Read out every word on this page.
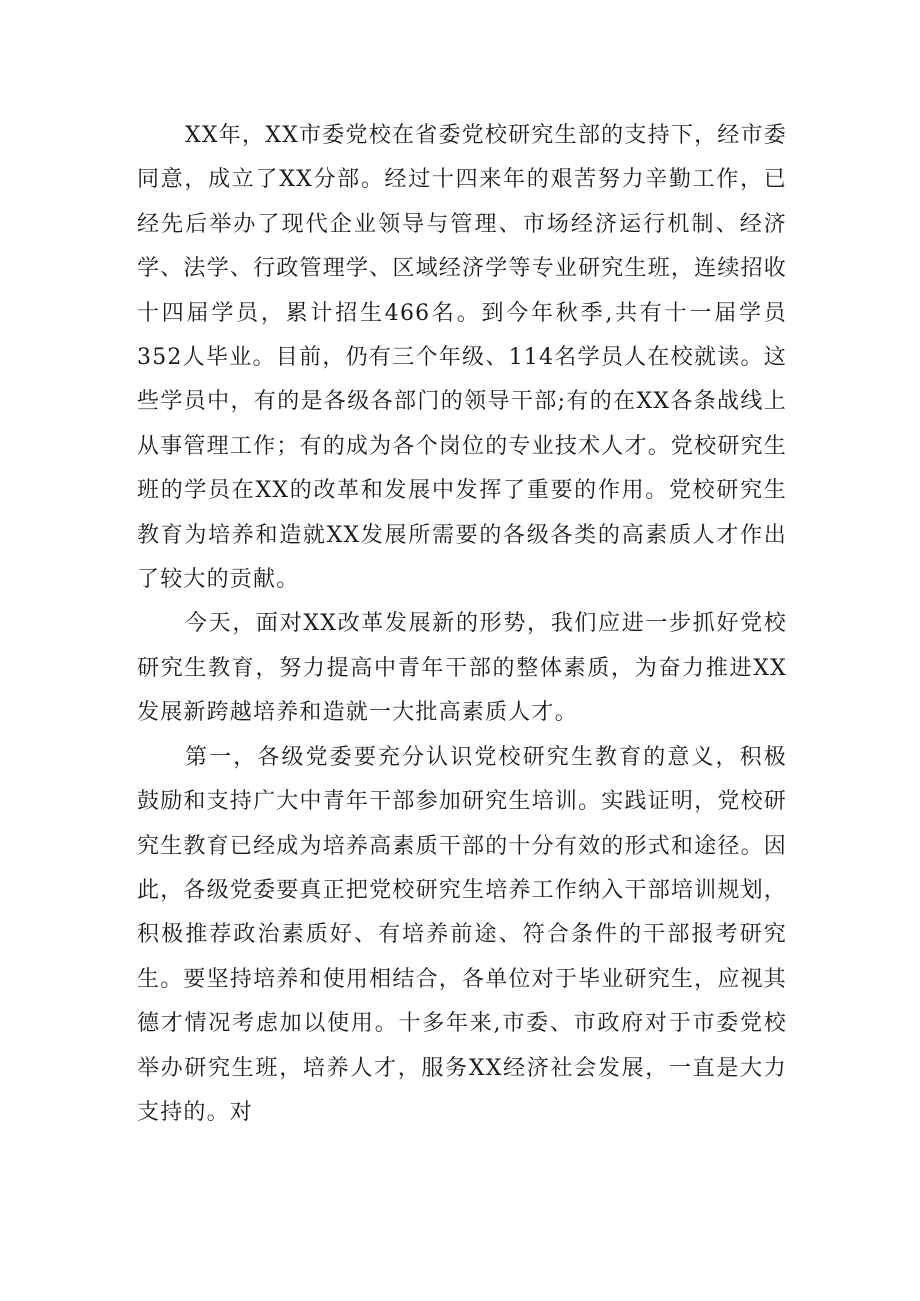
XX年，XX市委党校在省委党校研究生部的支持下，经市委同意，成立了XX分部。经过十四来年的艰苦努力辛勤工作，已经先后举办了现代企业领导与管理、市场经济运行机制、经济学、法学、行政管理学、区域经济学等专业研究生班，连续招收十四届学员，累计招生466名。到今年秋季,共有十一届学员352人毕业。目前，仍有三个年级、114名学员人在校就读。这些学员中，有的是各级各部门的领导干部;有的在XX各条战线上从事管理工作；有的成为各个岗位的专业技术人才。党校研究生班的学员在XX的改革和发展中发挥了重要的作用。党校研究生教育为培养和造就XX发展所需要的各级各类的高素质人才作出了较大的贡献。

今天，面对XX改革发展新的形势，我们应进一步抓好党校研究生教育，努力提高中青年干部的整体素质，为奋力推进XX发展新跨越培养和造就一大批高素质人才。

第一，各级党委要充分认识党校研究生教育的意义，积极鼓励和支持广大中青年干部参加研究生培训。实践证明，党校研究生教育已经成为培养高素质干部的十分有效的形式和途径。因此，各级党委要真正把党校研究生培养工作纳入干部培训规划，积极推荐政治素质好、有培养前途、符合条件的干部报考研究生。要坚持培养和使用相结合，各单位对于毕业研究生，应视其德才情况考虑加以使用。十多年来,市委、市政府对于市委党校举办研究生班，培养人才，服务XX经济社会发展，一直是大力支持的。对
